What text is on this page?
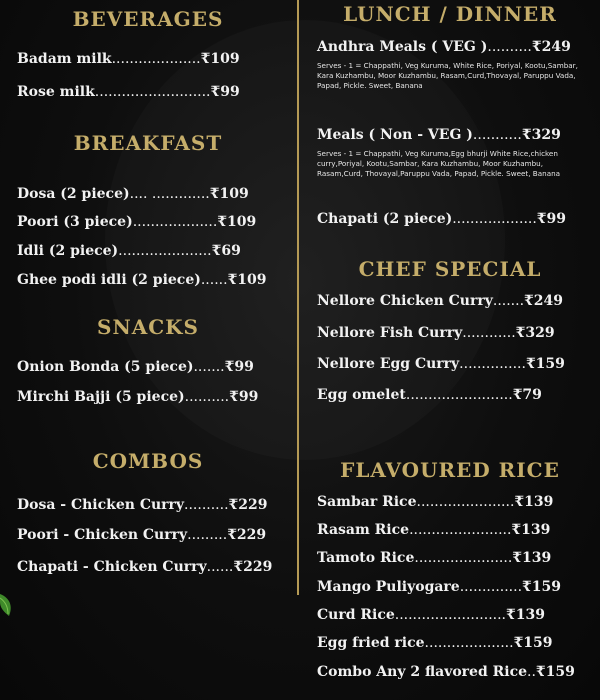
BEVERAGES
Badam milk....................₹109
Rose milk..........................₹99
BREAKFAST
Dosa (2 piece).... .............₹109
Poori (3 piece)...................₹109
Idli (2 piece).....................₹69
Ghee podi idli (2 piece)......₹109
SNACKS
Onion Bonda (5 piece).......₹99
Mirchi Bajji (5 piece)..........₹99
COMBOS
Dosa - Chicken Curry..........₹229
Poori - Chicken Curry.........₹229
Chapati - Chicken Curry......₹229
LUNCH / DINNER
Andhra Meals ( VEG )..........₹249
Serves - 1 = Chappathi, Veg Kuruma, White Rice, Poriyal, Kootu,Sambar, Kara Kuzhambu, Moor Kuzhambu, Rasam,Curd,Thovayal, Paruppu Vada, Papad, Pickle. Sweet, Banana
Meals ( Non - VEG )...........₹329
Serves - 1 = Chappathi, Veg Kuruma,Egg bhurji White Rice,chicken curry,Poriyal, Kootu,Sambar, Kara Kuzhambu, Moor Kuzhambu, Rasam,Curd, Thovayal,Paruppu Vada, Papad, Pickle. Sweet, Banana
Chapati (2 piece)...................₹99
CHEF SPECIAL
Nellore Chicken Curry.......₹249
Nellore Fish Curry............₹329
Nellore Egg Curry...............₹159
Egg omelet........................₹79
FLAVOURED RICE
Sambar Rice......................₹139
Rasam Rice.......................₹139
Tamoto Rice......................₹139
Mango Puliyogare..............₹159
Curd Rice.........................₹139
Egg fried rice....................₹159
Combo Any 2 flavored Rice..₹159
